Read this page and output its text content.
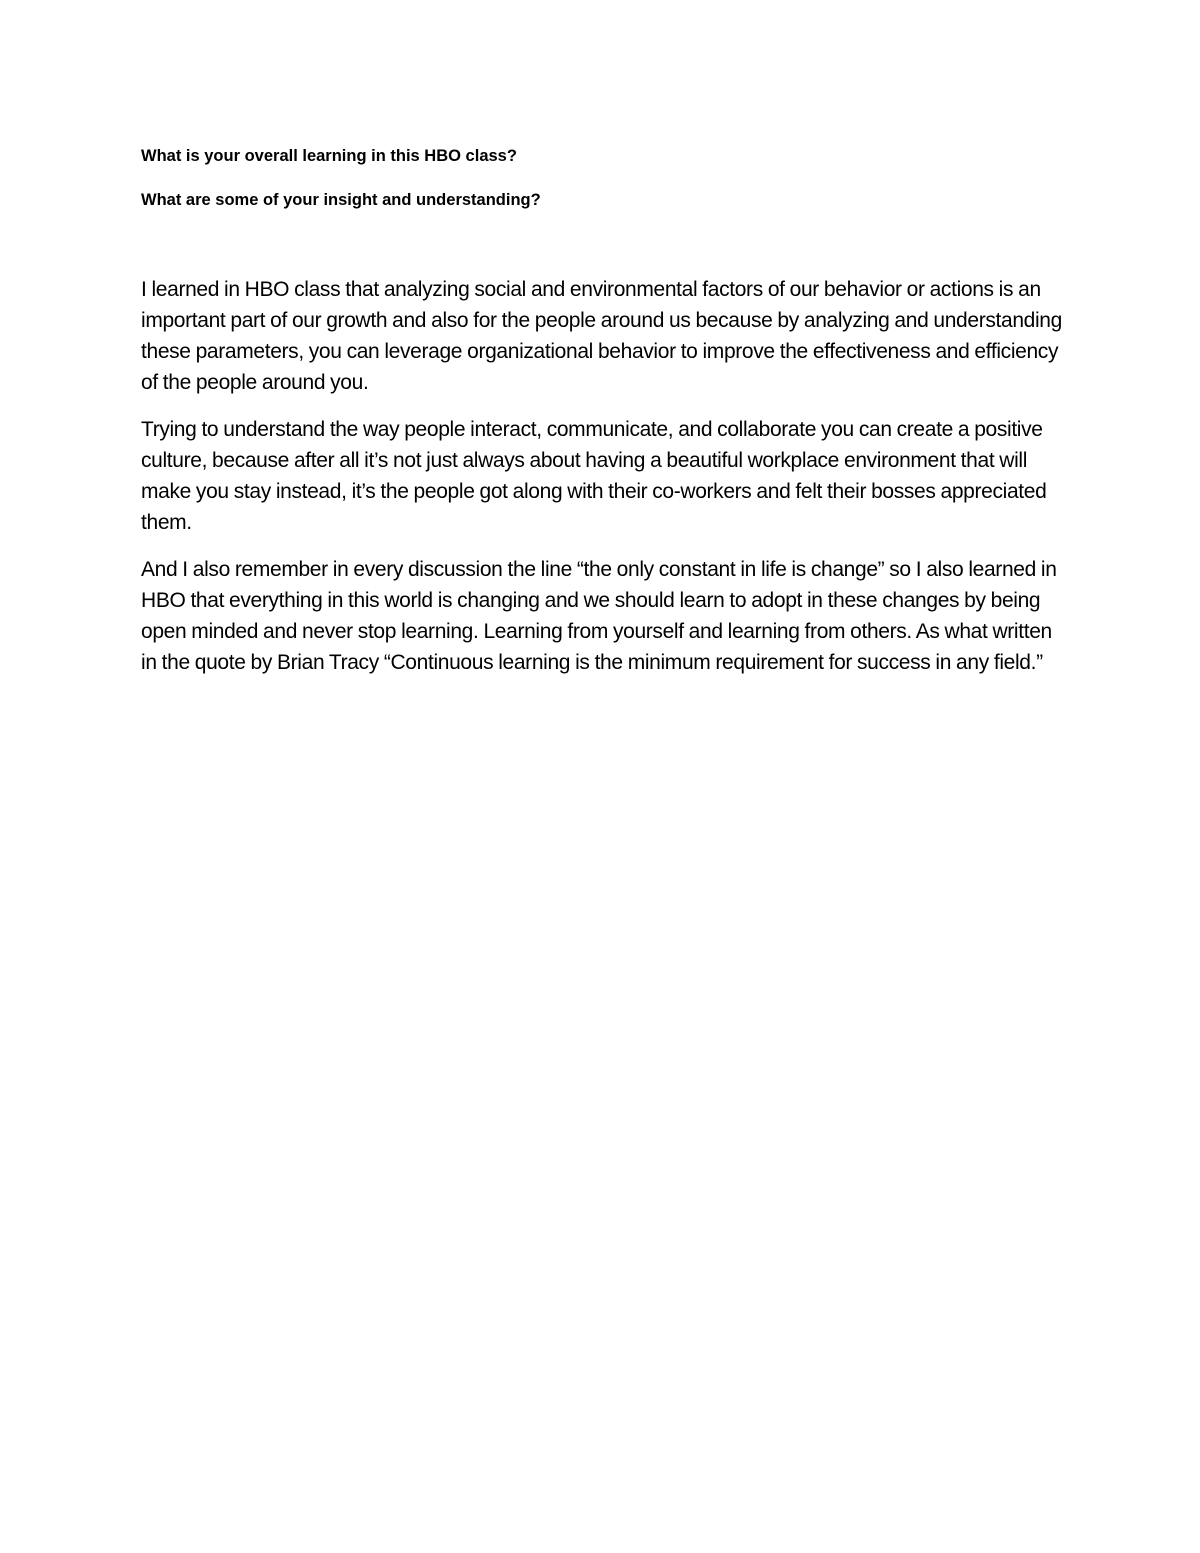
What is your overall learning in this HBO class?

What are some of your insight and understanding?

I learned in HBO class that analyzing social and environmental factors of our behavior or actions is an important part of our growth and also for the people around us because by analyzing and understanding these parameters, you can leverage organizational behavior to improve the effectiveness and efficiency of the people around you.

Trying to understand the way people interact, communicate, and collaborate you can create a positive culture, because after all it’s not just always about having a beautiful workplace environment that will make you stay instead, it’s the people got along with their co-workers and felt their bosses appreciated them.

And I also remember in every discussion the line “the only constant in life is change” so I also learned in HBO that everything in this world is changing and we should learn to adopt in these changes by being open minded and never stop learning. Learning from yourself and learning from others. As what written in the quote by Brian Tracy “Continuous learning is the minimum requirement for success in any field.”
